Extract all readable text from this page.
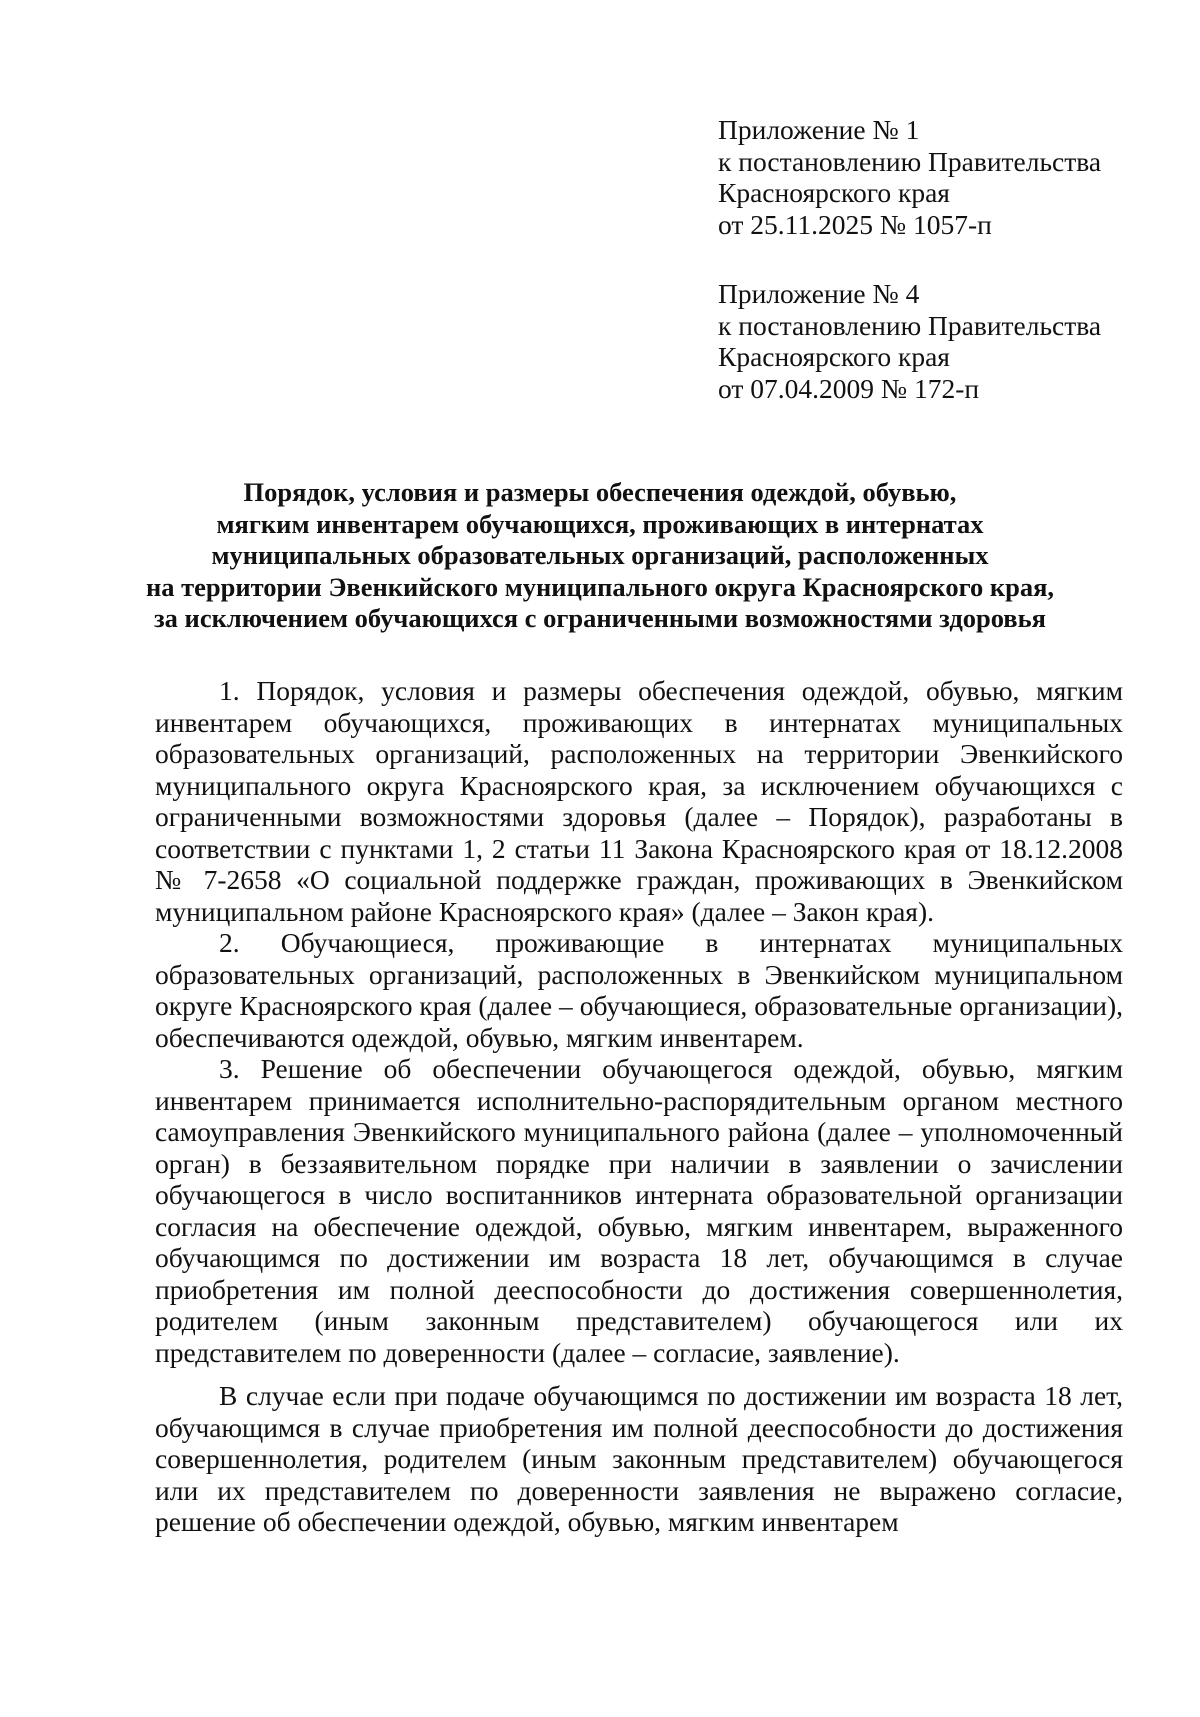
Приложение № 1
к постановлению Правительства
Красноярского края
от 25.11.2025 № 1057-п
Приложение № 4
к постановлению Правительства
Красноярского края
от 07.04.2009 № 172-п
Порядок, условия и размеры обеспечения одеждой, обувью,
мягким инвентарем обучающихся, проживающих в интернатах
муниципальных образовательных организаций, расположенных
на территории Эвенкийского муниципального округа Красноярского края,
за исключением обучающихся с ограниченными возможностями здоровья

1. Порядок, условия и размеры обеспечения одеждой, обувью, мягким инвентарем обучающихся, проживающих в интернатах муниципальных образовательных организаций, расположенных на территории Эвенкийского муниципального округа Красноярского края, за исключением обучающихся с ограниченными возможностями здоровья (далее – Порядок), разработаны в соответствии с пунктами 1, 2 статьи 11 Закона Красноярского края от 18.12.2008 № 7-2658 «О социальной поддержке граждан, проживающих в Эвенкийском муниципальном районе Красноярского края» (далее – Закон края).

2. Обучающиеся, проживающие в интернатах муниципальных образовательных организаций, расположенных в Эвенкийском муниципальном округе Красноярского края (далее – обучающиеся, образовательные организации), обеспечиваются одеждой, обувью, мягким инвентарем.

3. Решение об обеспечении обучающегося одеждой, обувью, мягким инвентарем принимается исполнительно-распорядительным органом местного самоуправления Эвенкийского муниципального района (далее – уполномоченный орган) в беззаявительном порядке при наличии в заявлении о зачислении обучающегося в число воспитанников интерната образовательной организации согласия на обеспечение одеждой, обувью, мягким инвентарем, выраженного обучающимся по достижении им возраста 18 лет, обучающимся в случае приобретения им полной дееспособности до достижения совершеннолетия, родителем (иным законным представителем) обучающегося или их представителем по доверенности (далее – согласие, заявление).

В случае если при подаче обучающимся по достижении им возраста 18 лет, обучающимся в случае приобретения им полной дееспособности до достижения совершеннолетия, родителем (иным законным представителем) обучающегося или их представителем по доверенности заявления не выражено согласие, решение об обеспечении одеждой, обувью, мягким инвентарем
